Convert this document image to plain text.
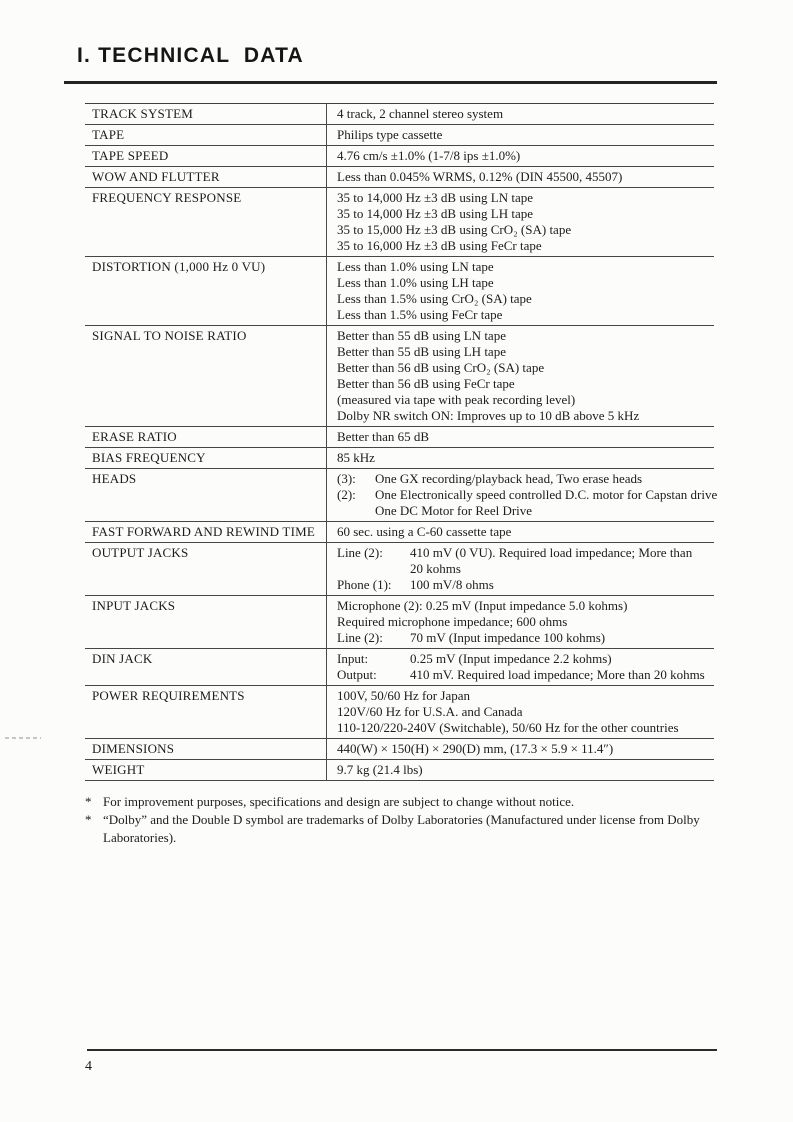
I. TECHNICAL  DATA
TRACK SYSTEM	4 track, 2 channel stereo system
TAPE	Philips type cassette
TAPE SPEED	4.76 cm/s ±1.0% (1-7/8 ips ±1.0%)
WOW AND FLUTTER	Less than 0.045% WRMS, 0.12% (DIN 45500, 45507)
FREQUENCY RESPONSE	35 to 14,000 Hz ±3 dB using LN tape
35 to 14,000 Hz ±3 dB using LH tape
35 to 15,000 Hz ±3 dB using CrO₂ (SA) tape
35 to 16,000 Hz ±3 dB using FeCr tape
DISTORTION (1,000 Hz 0 VU)	Less than 1.0% using LN tape
Less than 1.0% using LH tape
Less than 1.5% using CrO₂ (SA) tape
Less than 1.5% using FeCr tape
SIGNAL TO NOISE RATIO	Better than 55 dB using LN tape
Better than 55 dB using LH tape
Better than 56 dB using CrO₂ (SA) tape
Better than 56 dB using FeCr tape
(measured via tape with peak recording level)
Dolby NR switch ON: Improves up to 10 dB above 5 kHz
ERASE RATIO	Better than 65 dB
BIAS FREQUENCY	85 kHz
HEADS	(3): One GX recording/playback head, Two erase heads
(2): One Electronically speed controlled D.C. motor for Capstan drive
One DC Motor for Reel Drive
FAST FORWARD AND REWIND TIME	60 sec. using a C-60 cassette tape
OUTPUT JACKS	Line (2): 410 mV (0 VU). Required load impedance; More than
20 kohms
Phone (1): 100 mV/8 ohms
INPUT JACKS	Microphone (2): 0.25 mV (Input impedance 5.0 kohms)
Required microphone impedance; 600 ohms
Line (2): 70 mV (Input impedance 100 kohms)
DIN JACK	Input:	0.25 mV (Input impedance 2.2 kohms)
Output:	410 mV. Required load impedance; More than 20 kohms
POWER REQUIREMENTS	100V, 50/60 Hz for Japan
120V/60 Hz for U.S.A. and Canada
110-120/220-240V (Switchable), 50/60 Hz for the other countries
DIMENSIONS	440(W) × 150(H) × 290(D) mm, (17.3 × 5.9 × 11.4″)
WEIGHT	9.7 kg (21.4 lbs)
* For improvement purposes, specifications and design are subject to change without notice.
* “Dolby” and the Double D symbol are trademarks of Dolby Laboratories (Manufactured under license from Dolby Laboratories).
4
